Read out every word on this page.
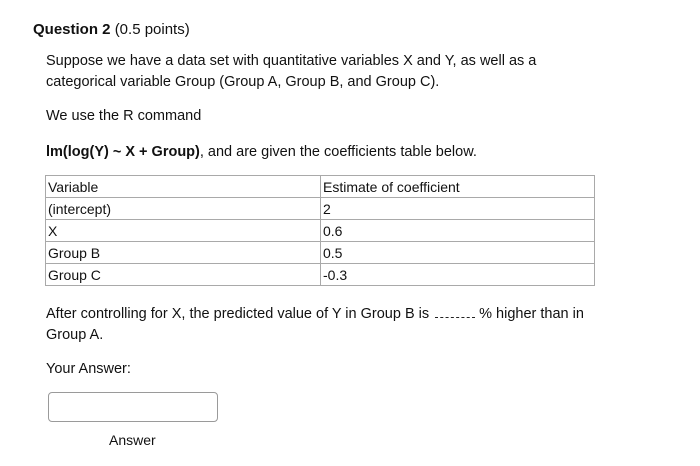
Question 2 (0.5 points)
Suppose we have a data set with quantitative variables X and Y, as well as a
categorical variable Group (Group A, Group B, and Group C).
We use the R command
lm(log(Y) ~ X + Group), and are given the coefficients table below.
Variable	Estimate of coefficient
(intercept)	2
X	0.6
Group B	0.5
Group C	-0.3
After controlling for X, the predicted value of Y in Group B is	% higher than in
Group A.
Your Answer:
Answer
